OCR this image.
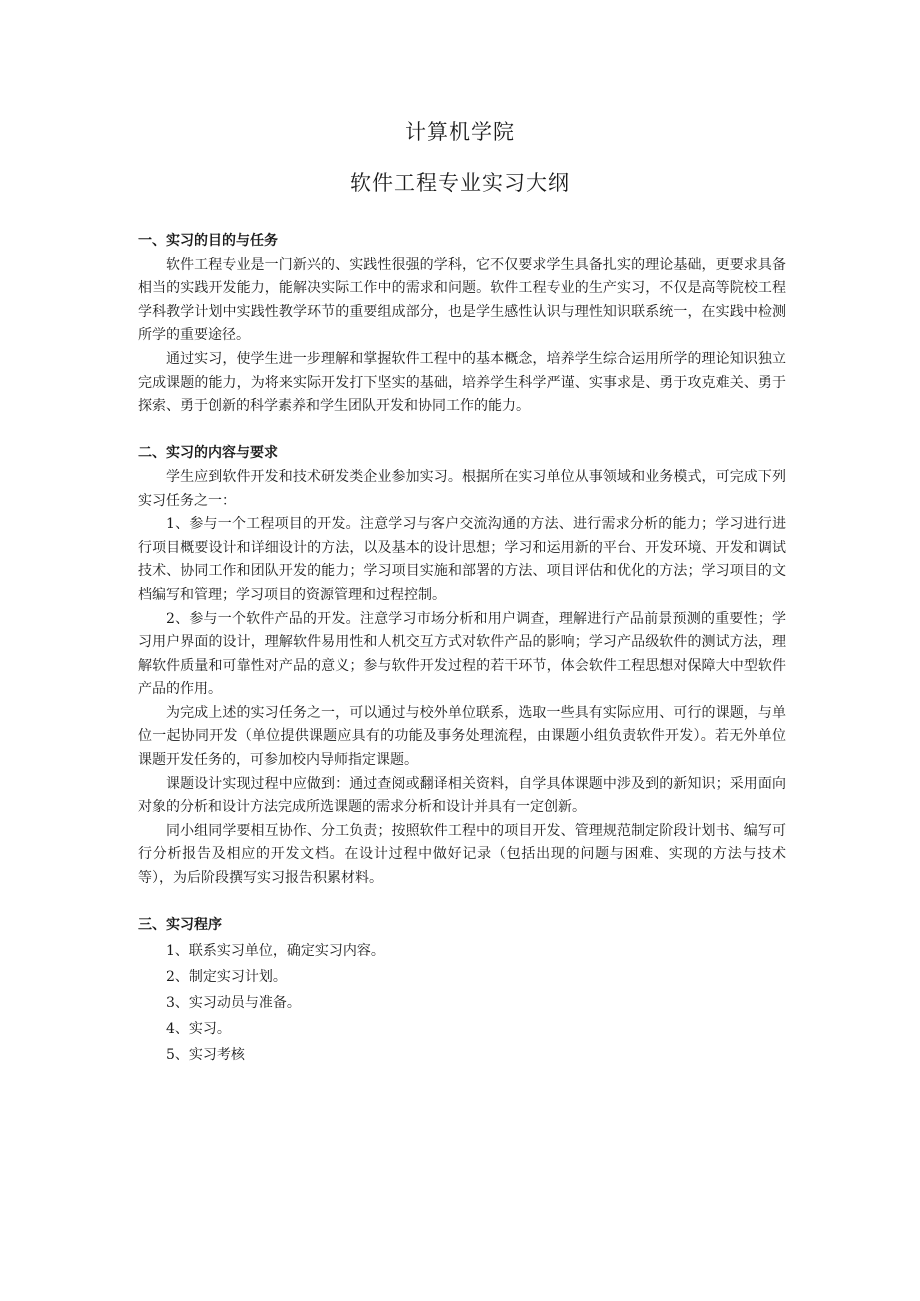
计算机学院
软件工程专业实习大纲

一、实习的目的与任务

软件工程专业是一门新兴的、实践性很强的学科，它不仅要求学生具备扎实的理论基础，更要求具备相当的实践开发能力，能解决实际工作中的需求和问题。软件工程专业的生产实习，不仅是高等院校工程学科教学计划中实践性教学环节的重要组成部分，也是学生感性认识与理性知识联系统一，在实践中检测所学的重要途径。

通过实习，使学生进一步理解和掌握软件工程中的基本概念，培养学生综合运用所学的理论知识独立完成课题的能力，为将来实际开发打下坚实的基础，培养学生科学严谨、实事求是、勇于攻克难关、勇于探索、勇于创新的科学素养和学生团队开发和协同工作的能力。

二、实习的内容与要求

学生应到软件开发和技术研发类企业参加实习。根据所在实习单位从事领域和业务模式，可完成下列实习任务之一：

1、参与一个工程项目的开发。注意学习与客户交流沟通的方法、进行需求分析的能力；学习进行进行项目概要设计和详细设计的方法，以及基本的设计思想；学习和运用新的平台、开发环境、开发和调试技术、协同工作和团队开发的能力；学习项目实施和部署的方法、项目评估和优化的方法；学习项目的文档编写和管理；学习项目的资源管理和过程控制。

2、参与一个软件产品的开发。注意学习市场分析和用户调查，理解进行产品前景预测的重要性；学习用户界面的设计，理解软件易用性和人机交互方式对软件产品的影响；学习产品级软件的测试方法，理解软件质量和可靠性对产品的意义；参与软件开发过程的若干环节，体会软件工程思想对保障大中型软件产品的作用。

为完成上述的实习任务之一，可以通过与校外单位联系，选取一些具有实际应用、可行的课题，与单位一起协同开发（单位提供课题应具有的功能及事务处理流程，由课题小组负责软件开发）。若无外单位课题开发任务的，可参加校内导师指定课题。

课题设计实现过程中应做到：通过查阅或翻译相关资料，自学具体课题中涉及到的新知识；采用面向对象的分析和设计方法完成所选课题的需求分析和设计并具有一定创新。

同小组同学要相互协作、分工负责；按照软件工程中的项目开发、管理规范制定阶段计划书、编写可行分析报告及相应的开发文档。在设计过程中做好记录（包括出现的问题与困难、实现的方法与技术等），为后阶段撰写实习报告积累材料。

三、实习程序

1、联系实习单位，确定实习内容。

2、制定实习计划。

3、实习动员与准备。

4、实习。

5、实习考核
